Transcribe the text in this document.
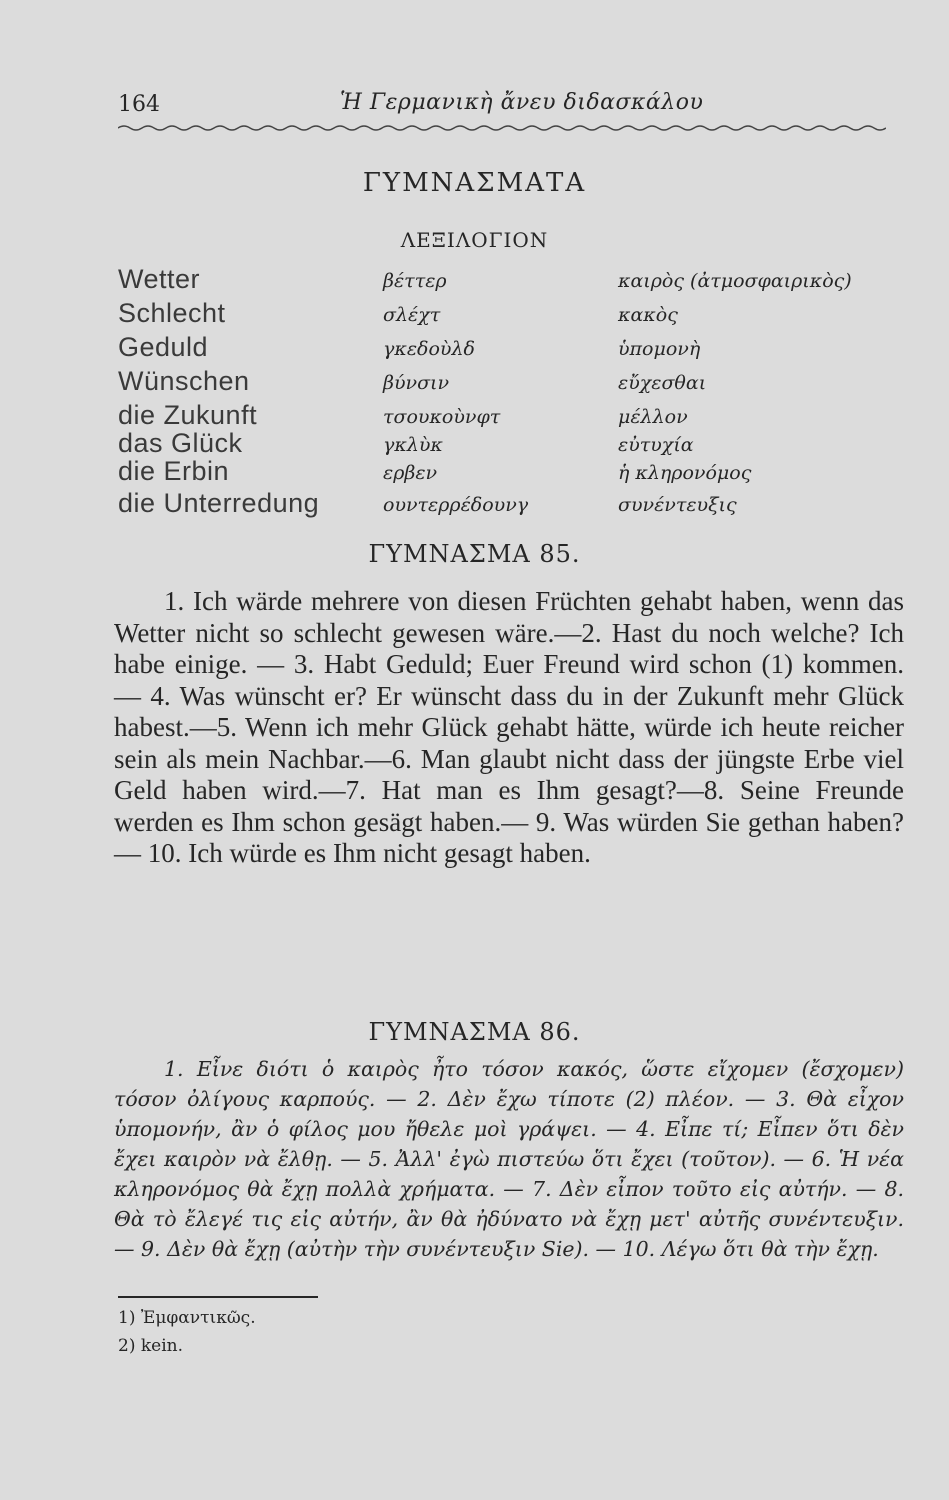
164	Ἡ Γερμανικὴ ἄνευ διδασκάλου
ΓΥΜΝΑΣΜΑΤΑ
ΛΕΞΙΛΟΓΙΟΝ
Wetter	βέττερ	καιρὸς (ἀτμοσφαιρικὸς)
Schlecht	σλέχτ	κακὸς
Geduld	γκεδοὺλδ	ὑπομονὴ
Wünschen	βύνσιν	εὔχεσθαι
die Zukunft	τσουκοὺνφτ	μέλλον
das Glück	γκλὺκ	εὐτυχία
die Erbin	ερβεν	ἡ κληρονόμος
die Unterredung	ουντερρέδουνγ	συνέντευξις
ΓΥΜΝΑΣΜΑ 85.

1. Ich wärde mehrere von diesen Früchten gehabt haben, wenn das Wetter nicht so schlecht gewesen wäre.—2. Hast du noch welche? Ich habe einige. — 3. Habt Geduld; Euer Freund wird schon (1) kommen. — 4. Was wünscht er? Er wünscht dass du in der Zukunft mehr Glück habest.—5. Wenn ich mehr Glück gehabt hätte, würde ich heute reicher sein als mein Nachbar.—6. Man glaubt nicht dass der jüngste Erbe viel Geld haben wird.—7. Hat man es Ihm gesagt?—8. Seine Freunde werden es Ihm schon gesägt haben.— 9. Was würden Sie gethan haben? — 10. Ich würde es Ihm nicht gesagt haben.

ΓΥΜΝΑΣΜΑ 86.

1. Εἶνε διότι ὁ καιρὸς ἦτο τόσον κακός, ὥστε εἴχομεν (ἔσχομεν) τόσον ὀλίγους καρπούς. — 2. Δὲν ἔχω τίποτε (2) πλέον. — 3. Θὰ εἶχον ὑπομονήν, ἂν ὁ φίλος μου ἤθελε μοὶ γράψει. — 4. Εἶπε τί; Εἶπεν ὅτι δὲν ἔχει καιρὸν νὰ ἔλθῃ. — 5. Ἀλλ' ἐγὼ πιστεύω ὅτι ἔχει (τοῦτον). — 6. Ἡ νέα κληρονόμος θὰ ἔχῃ πολλὰ χρήματα. — 7. Δὲν εἶπον τοῦτο εἰς αὐτήν. — 8. Θὰ τὸ ἔλεγέ τις εἰς αὐτήν, ἂν θὰ ἠδύνατο νὰ ἔχῃ μετ' αὐτῆς συνέντευξιν. — 9. Δὲν θὰ ἔχῃ (αὐτὴν τὴν συνέντευξιν Sie). — 10. Λέγω ὅτι θὰ τὴν ἔχῃ.

1) Ἐμφαντικῶς.
2) kein.
